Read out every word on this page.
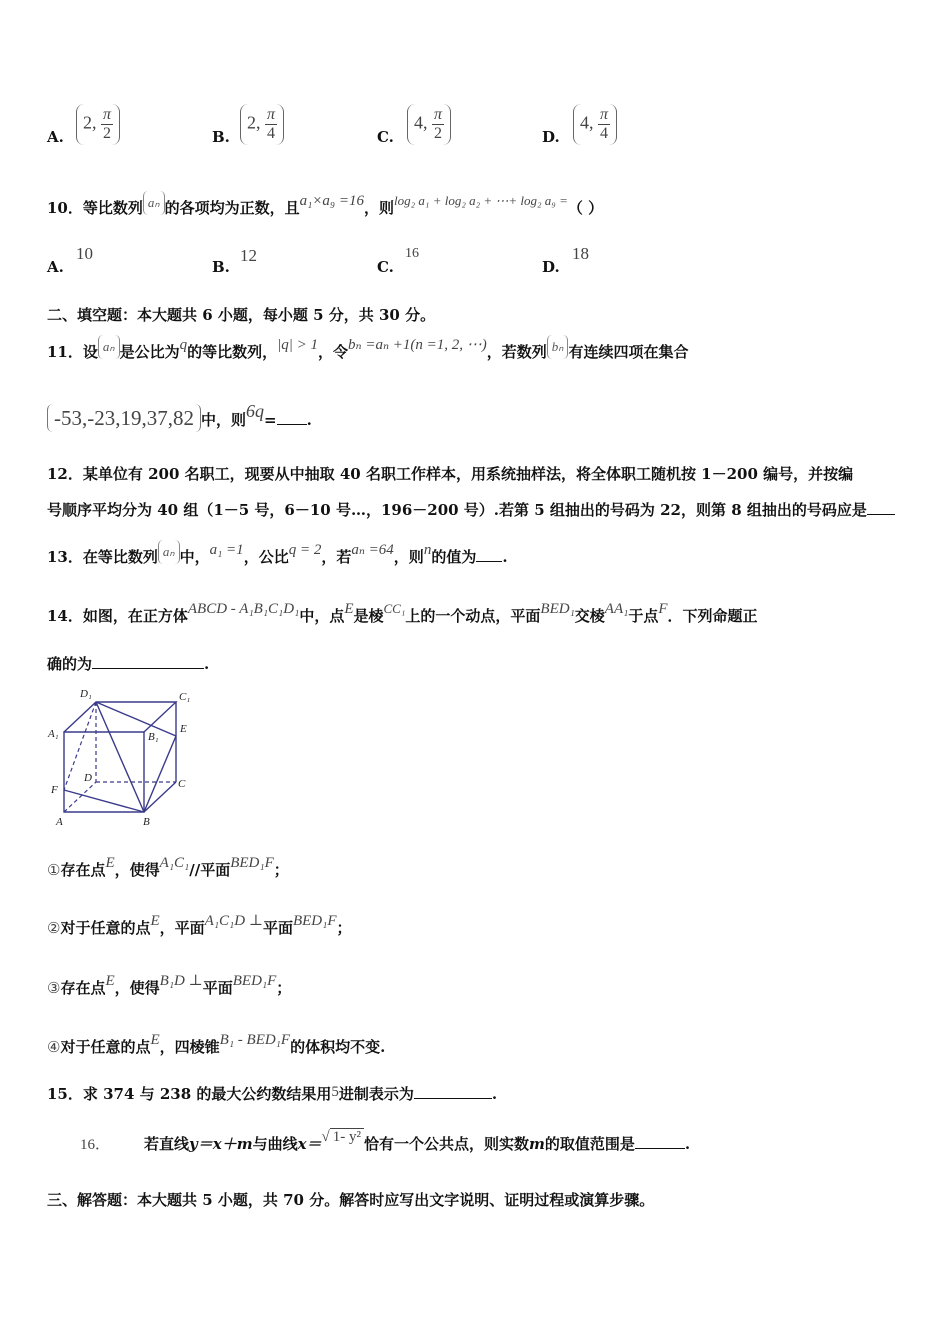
A.
2, $\frac{\pi}{2}$	B.
2, $\frac{\pi}{4}$	C.
4, $\frac{\pi}{2}$	D.
4, $\frac{\pi}{4}$
10．等比数列 aₙ 的各项均为正数，且a₁×a₉ =16，则log₂ a₁ + log₂ a₂ + ⋯+ log₂ a₉ =（ ）
A.
10
B.
12
C.
16
D.
18
二、填空题：本大题共 6 小题，每小题 5 分，共 30 分。
11．设 aₙ 是公比为q的等比数列，|q| > 1，令bₙ =aₙ +1(n =1, 2, ⋯)，若数列 bₙ 有连续四项在集合
-53,-23,19,37,82 中，则6q= .
12．某单位有 200 名职工，现要从中抽取 40 名职工作样本，用系统抽样法，将全体职工随机按 1－200 编号，并按编
号顺序平均分为 40 组（1－5 号，6－10 号…，196－200 号）.若第 5 组抽出的号码为 22，则第 8 组抽出的号码应是
13．在等比数列 aₙ 中，a₁ =1，公比q = 2，若aₙ =64，则n的值为 .
14．如图，在正方体ABCD - A₁B₁C₁D₁中，点E是棱CC₁上的一个动点，平面BED₁交棱AA₁于点F．下列命题正
确的为	.
D₁	C₁
A₁	B₁
E
D	C
F
A	B
①存在点E，使得A₁C₁//平面BED₁F；
②对于任意的点E，平面A₁C₁D ⊥平面BED₁F；
③存在点E，使得B₁D ⊥平面BED₁F；
④对于任意的点E，四棱锥B₁ - BED₁F的体积均不变.
15．求 374 与 238 的最大公约数结果用5进制表示为	.
16． 若直线y＝x＋m与曲线x＝√ 1- y² 恰有一个公共点，则实数m的取值范围是	.
三、解答题：本大题共 5 小题，共 70 分。解答时应写出文字说明、证明过程或演算步骤。
